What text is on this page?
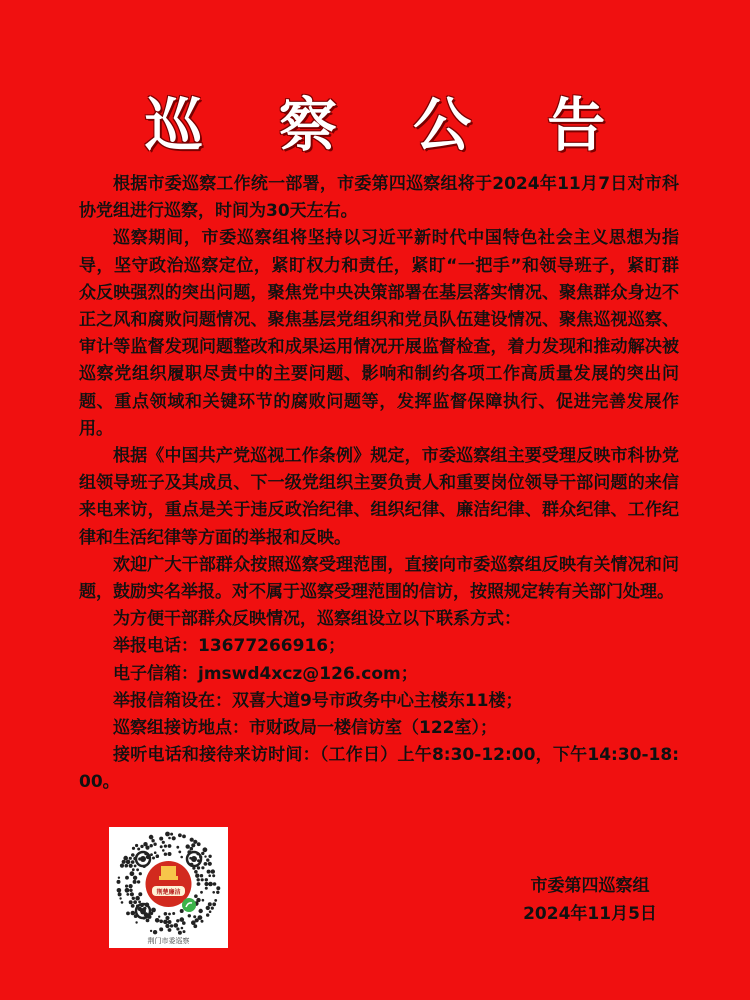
巡 察 公 告

根据市委巡察工作统一部署，市委第四巡察组将于2024年11月7日对市科协党组进行巡察，时间为30天左右。

巡察期间，市委巡察组将坚持以习近平新时代中国特色社会主义思想为指导，坚守政治巡察定位，紧盯权力和责任，紧盯“一把手”和领导班子，紧盯群众反映强烈的突出问题，聚焦党中央决策部署在基层落实情况、聚焦群众身边不正之风和腐败问题情况、聚焦基层党组织和党员队伍建设情况、聚焦巡视巡察、审计等监督发现问题整改和成果运用情况开展监督检查，着力发现和推动解决被巡察党组织履职尽责中的主要问题、影响和制约各项工作高质量发展的突出问题、重点领域和关键环节的腐败问题等，发挥监督保障执行、促进完善发展作用。

根据《中国共产党巡视工作条例》规定，市委巡察组主要受理反映市科协党组领导班子及其成员、下一级党组织主要负责人和重要岗位领导干部问题的来信来电来访，重点是关于违反政治纪律、组织纪律、廉洁纪律、群众纪律、工作纪律和生活纪律等方面的举报和反映。

欢迎广大干部群众按照巡察受理范围，直接向市委巡察组反映有关情况和问题，鼓励实名举报。对不属于巡察受理范围的信访，按照规定转有关部门处理。

为方便干部群众反映情况，巡察组设立以下联系方式：

举报电话：13677266916；

电子信箱：jmswd4xcz@126.com；

举报信箱设在：双喜大道9号市政务中心主楼东11楼；

巡察组接访地点：市财政局一楼信访室（122室）；

接听电话和接待来访时间：（工作日）上午8:30-12:00，下午14:30-18:00。

荆楚廉洁
荆门市委巡察
市委第四巡察组
2024年11月5日
